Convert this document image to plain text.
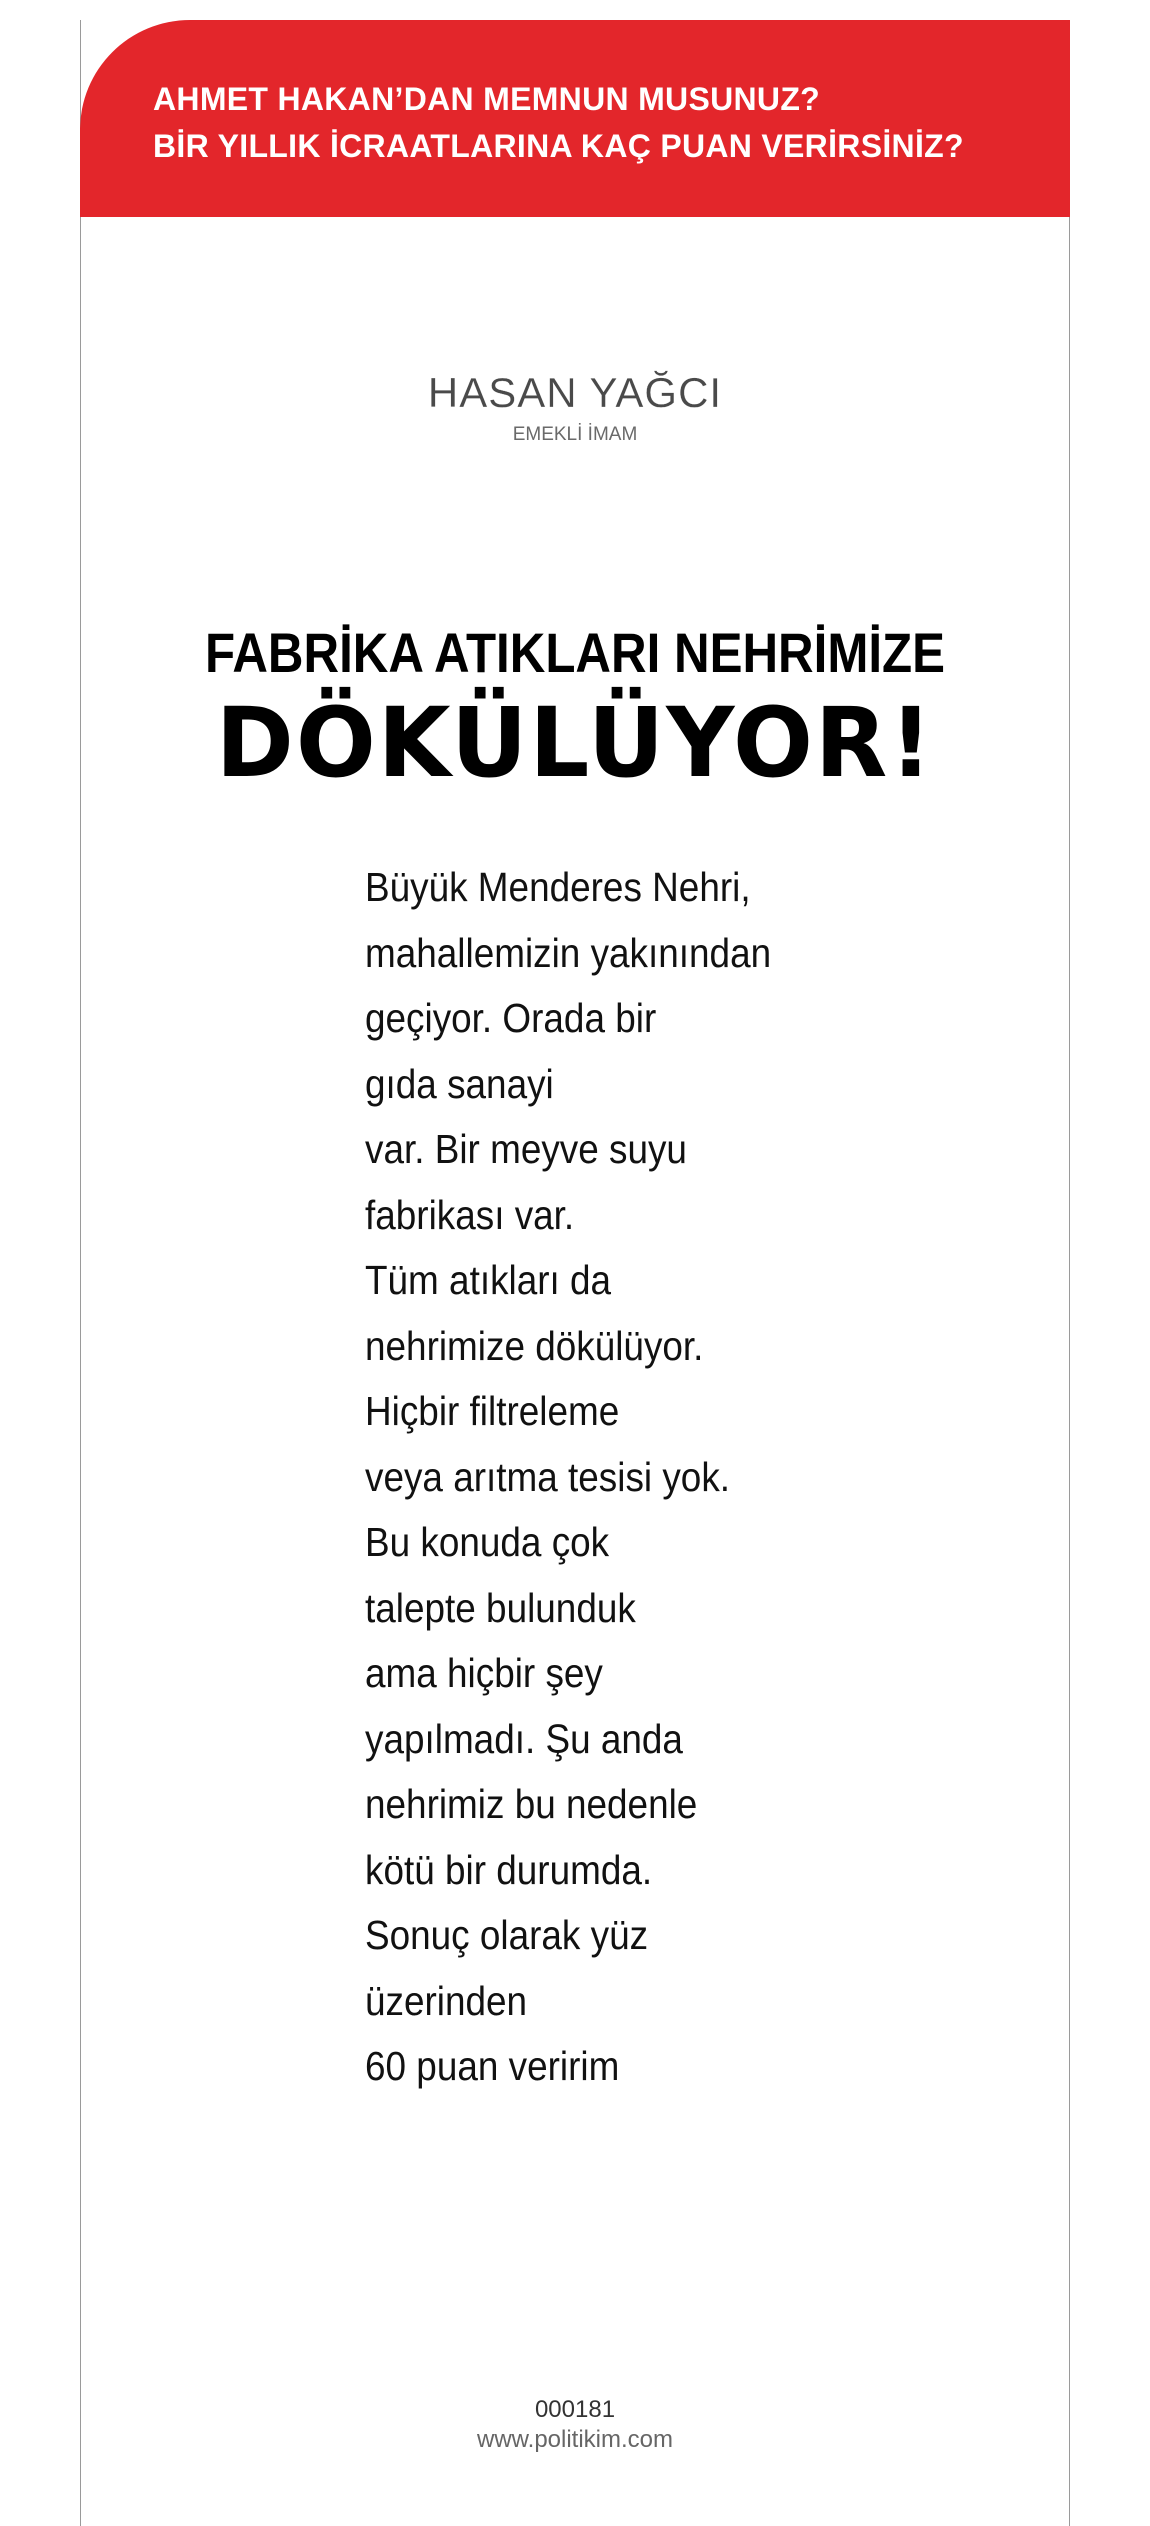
AHMET HAKAN’DAN MEMNUN MUSUNUZ?
BİR YILLIK İCRAATLARINA KAÇ PUAN VERİRSİNİZ?
HASAN YAĞCI
EMEKLİ İMAM
FABRİKA ATIKLARI NEHRİMİZE
DÖKÜLÜYOR!
Büyük Menderes Nehri,
mahallemizin yakınından
geçiyor. Orada bir
gıda sanayi
var. Bir meyve suyu
fabrikası var.
Tüm atıkları da
nehrimize dökülüyor.
Hiçbir filtreleme
veya arıtma tesisi yok.
Bu konuda çok
talepte bulunduk
ama hiçbir şey
yapılmadı. Şu anda
nehrimiz bu nedenle
kötü bir durumda.
Sonuç olarak yüz
üzerinden
60 puan veririm
000181
www.politikim.com
